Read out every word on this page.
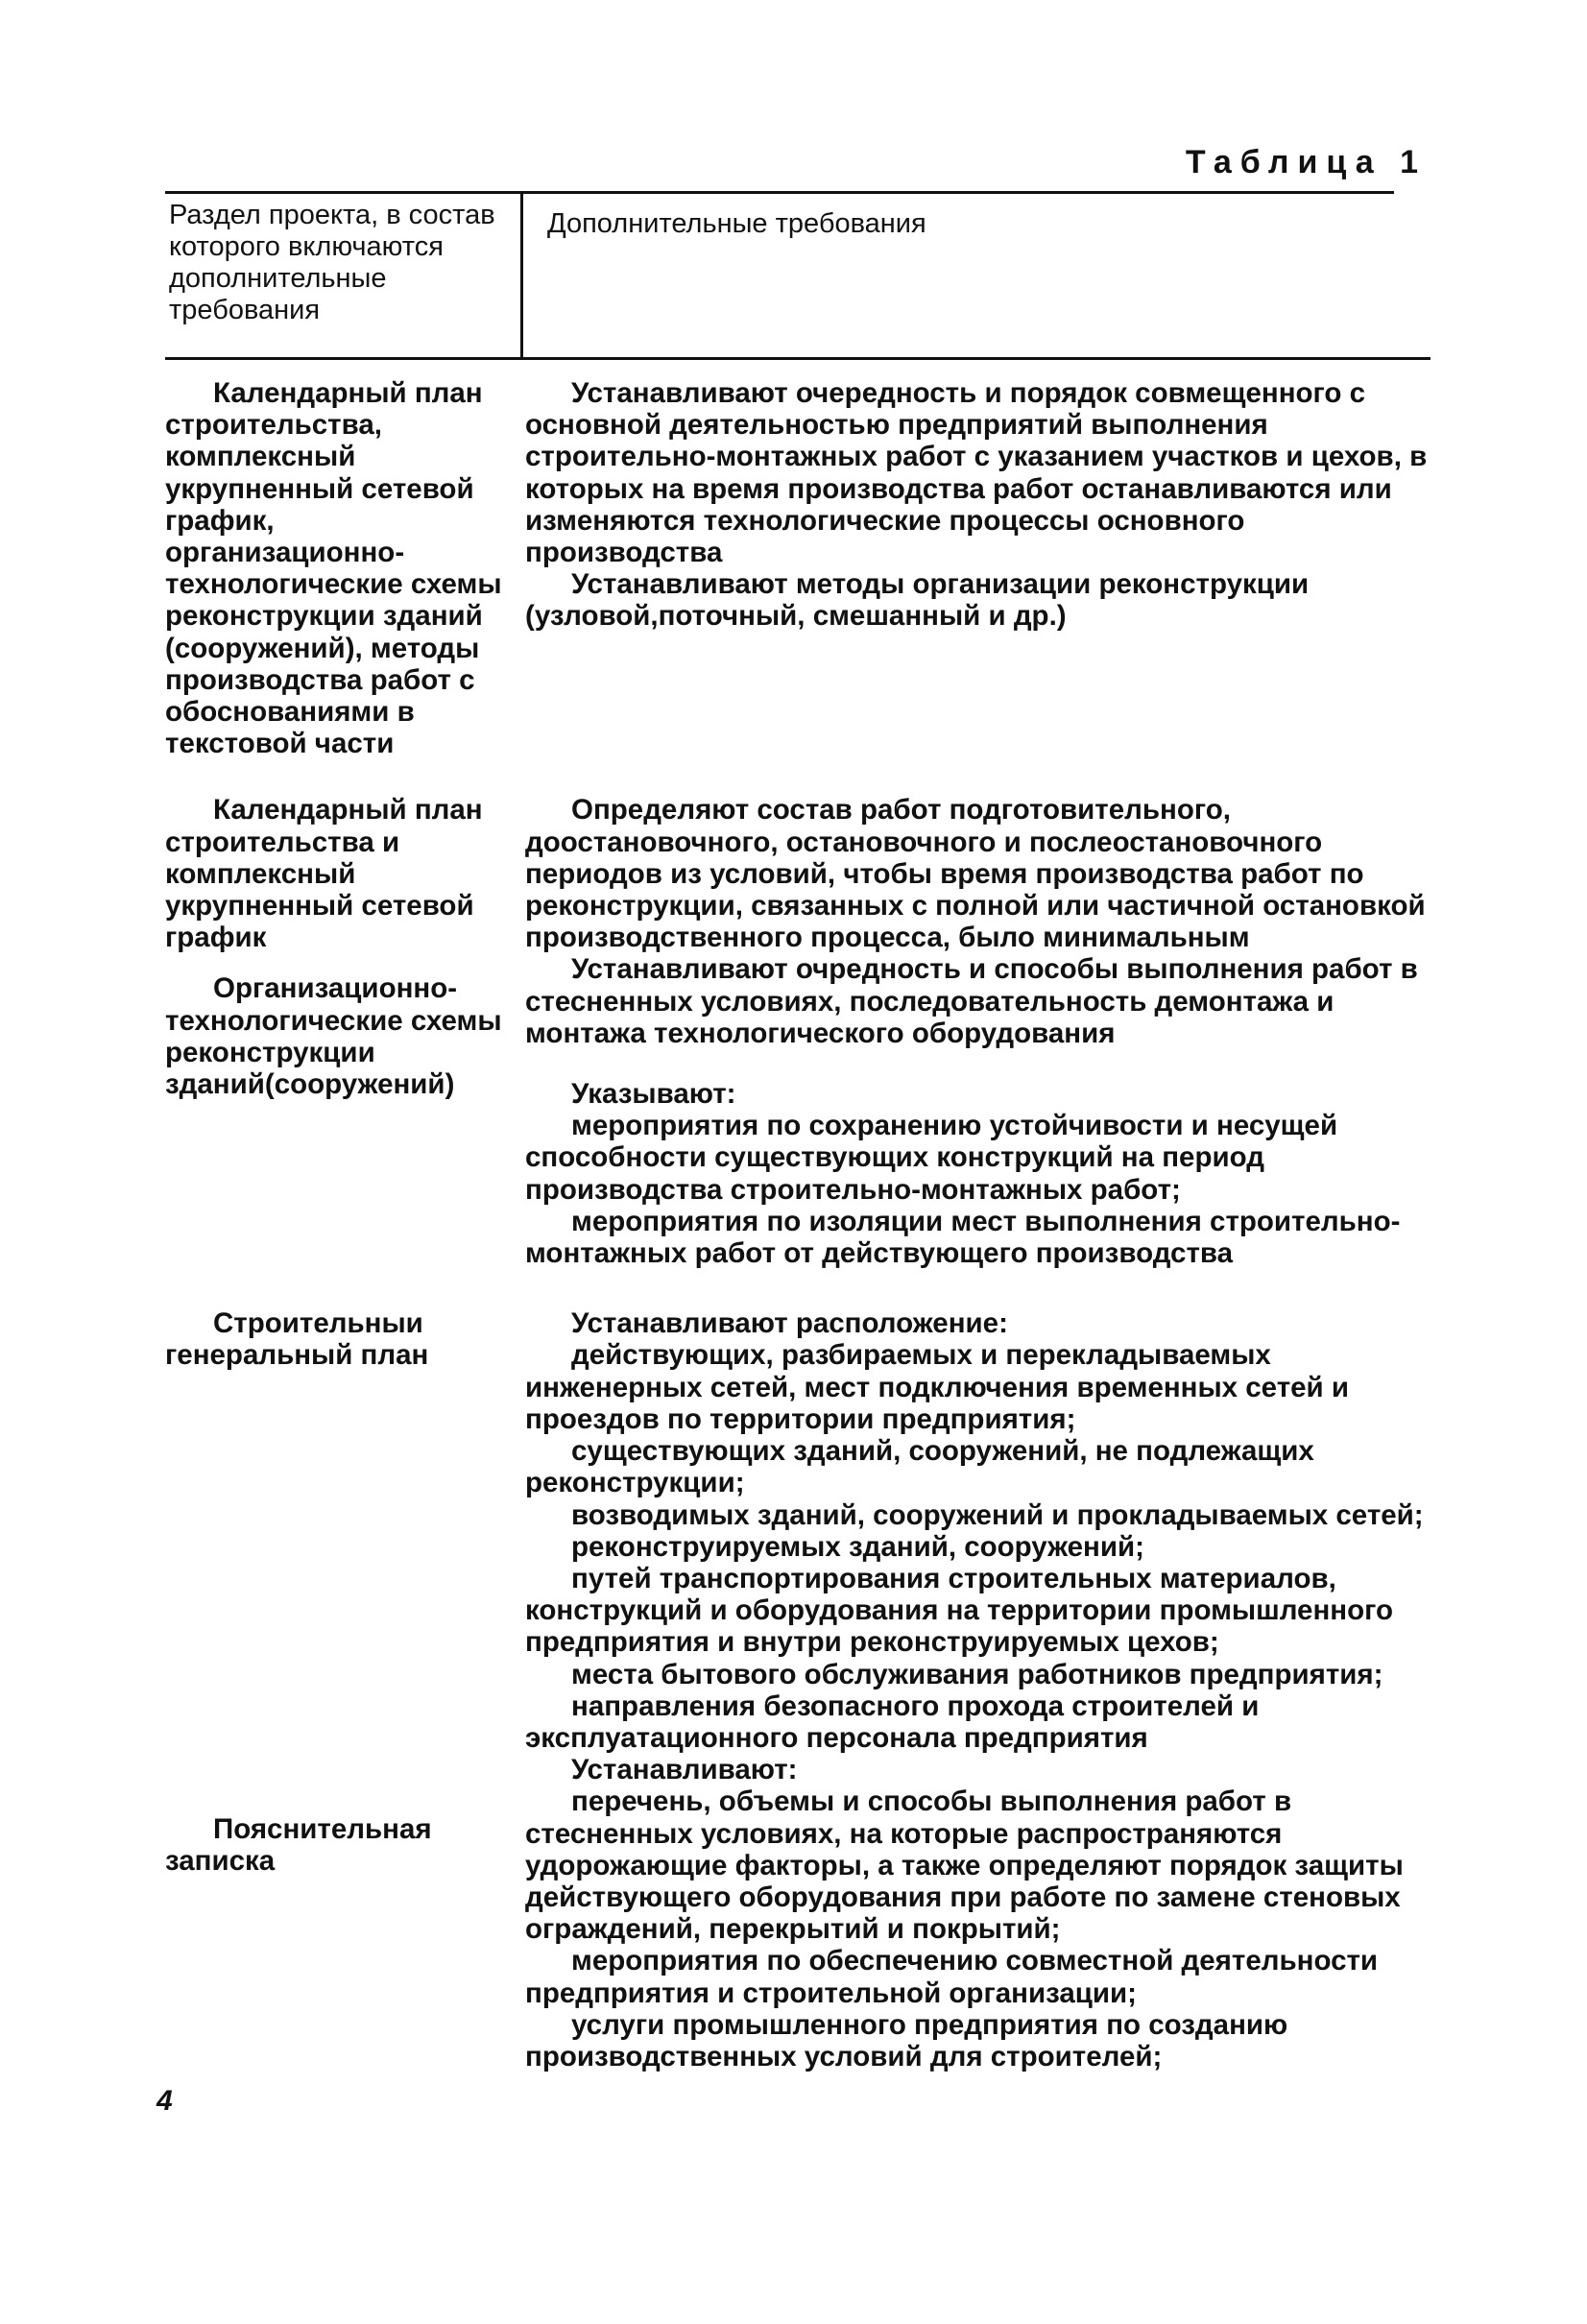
Таблица 1
Раздел проекта, в состав которого включаются дополнительные требования
Дополнительные требования

Календарный план строительства, комплексный укрупненный сетевой график, организационно-технологические схемы реконструкции зданий (сооружений), методы производства работ с обоснованиями в текстовой части

Устанавливают очередность и порядок совмещенного с основной деятельностью предприятий выполнения строительно-монтажных работ с указанием участков и цехов, в которых на время производства работ останавливаются или изменяются технологические процессы основного производства

Устанавливают методы организации реконструкции (узловой,поточный, смешанный и др.)

Календарный план строительства и комплексный укрупненный сетевой график

Организационно-технологические схемы реконструкции зданий(сооружений)

Определяют состав работ подготовительного, доостановочного, остановочного и послеостановочного периодов из условий, чтобы время производства работ по реконструкции, связанных с полной или частичной остановкой производственного процесса, было минимальным

Устанавливают очредность и способы выполнения работ в стесненных условиях, последовательность демонтажа и монтажа технологического оборудования

Указывают:

мероприятия по сохранению устойчивости и несущей способности существующих конструкций на период производства строительно-монтажных работ;

мероприятия по изоляции мест выполнения строительно-монтажных работ от действующего производства

Строительныи генеральный план

Пояснительная записка

Устанавливают расположение:

действующих, разбираемых и перекладываемых инженерных сетей, мест подключения временных сетей и проездов по территории предприятия;

существующих зданий, сооружений, не подлежащих реконструкции;

возводимых зданий, сооружений и прокладываемых сетей;

реконструируемых зданий, сооружений;

путей транспортирования строительных материалов, конструкций и оборудования на территории промышленного предприятия и внутри реконструируемых цехов;

места бытового обслуживания работников предприятия;

направления безопасного прохода строителей и эксплуатационного персонала предприятия

Устанавливают:

перечень, объемы и способы выполнения работ в стесненных условиях, на которые распространяются удорожающие факторы, а также определяют порядок защиты действующего оборудования при работе по замене стеновых ограждений, перекрытий и покрытий;

мероприятия по обеспечению совместной деятельности предприятия и строительной организации;

услуги промышленного предприятия по созданию производственных условий для строителей;

4
